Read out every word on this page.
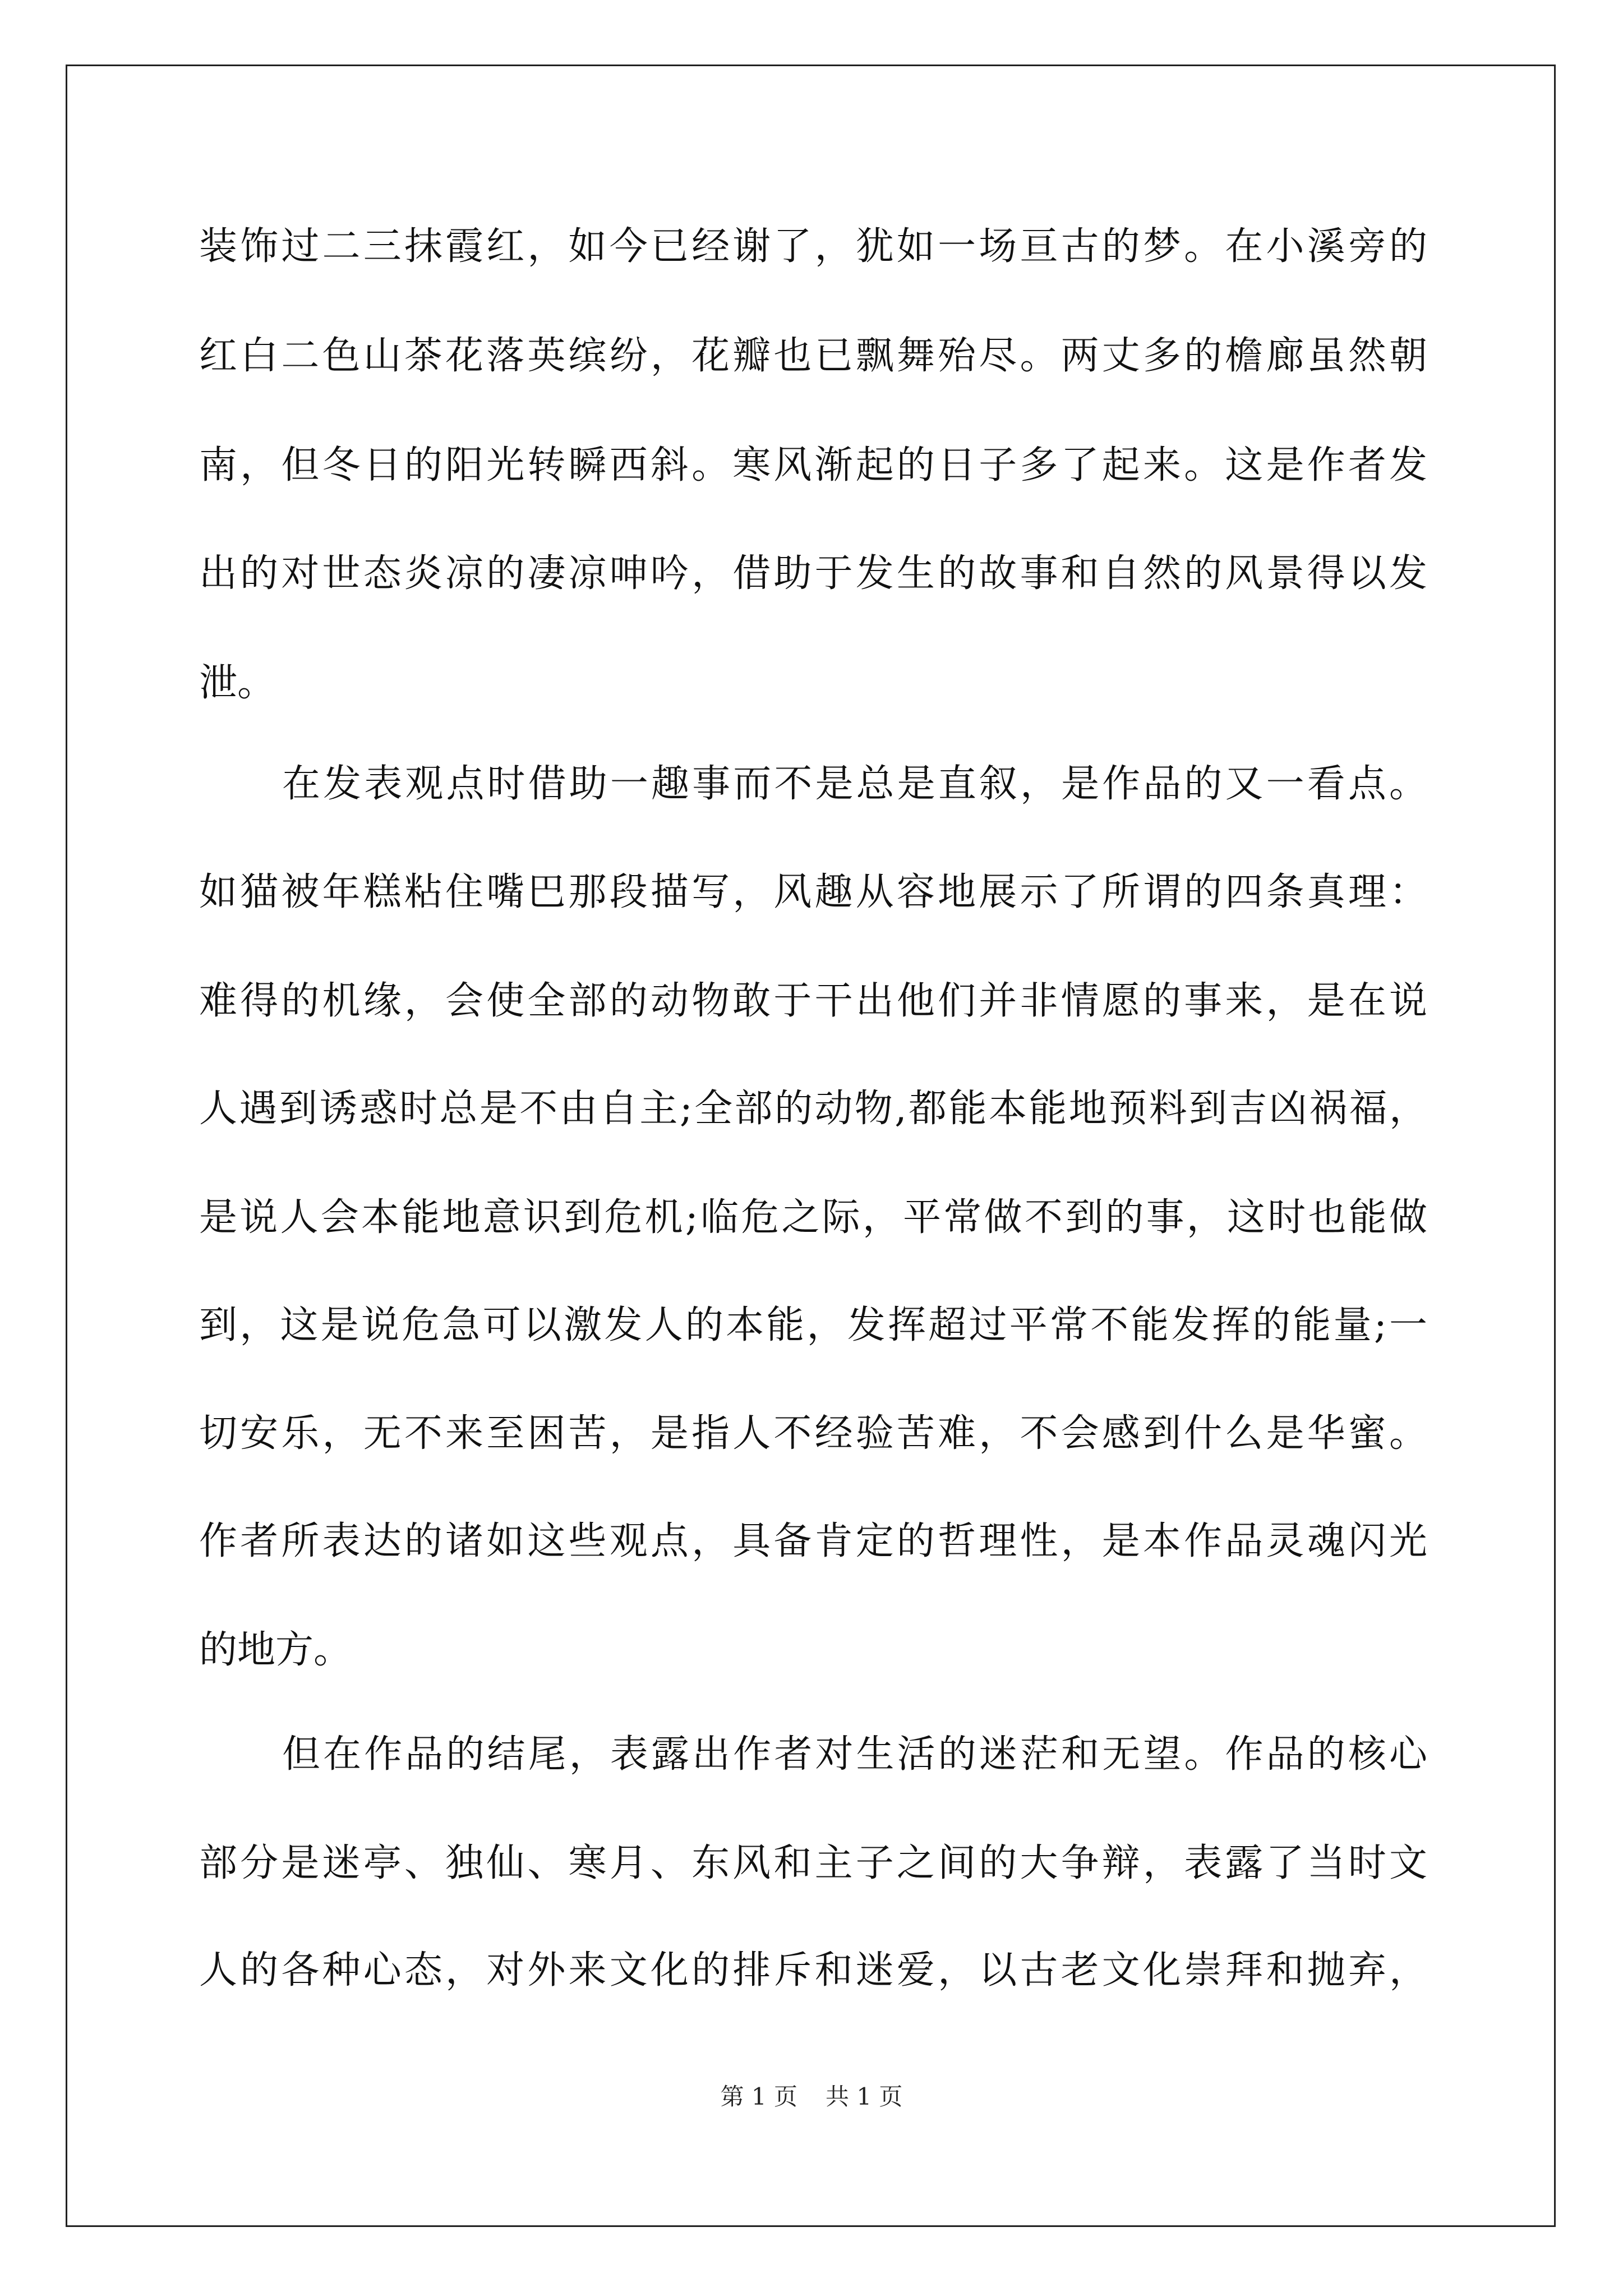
装饰过二三抹霞红，如今已经谢了，犹如一场亘古的梦。在小溪旁的
红白二色山茶花落英缤纷，花瓣也已飘舞殆尽。两丈多的檐廊虽然朝
南，但冬日的阳光转瞬西斜。寒风渐起的日子多了起来。这是作者发
出的对世态炎凉的凄凉呻吟，借助于发生的故事和自然的风景得以发
泄。
在发表观点时借助一趣事而不是总是直叙，是作品的又一看点。
如猫被年糕粘住嘴巴那段描写，风趣从容地展示了所谓的四条真理：
难得的机缘，会使全部的动物敢于干出他们并非情愿的事来，是在说
人遇到诱惑时总是不由自主;全部的动物,都能本能地预料到吉凶祸福，
是说人会本能地意识到危机;临危之际，平常做不到的事，这时也能做
到，这是说危急可以激发人的本能，发挥超过平常不能发挥的能量;一
切安乐，无不来至困苦，是指人不经验苦难，不会感到什么是华蜜。
作者所表达的诸如这些观点，具备肯定的哲理性，是本作品灵魂闪光
的地方。
但在作品的结尾，表露出作者对生活的迷茫和无望。作品的核心
部分是迷亭、独仙、寒月、东风和主子之间的大争辩，表露了当时文
人的各种心态，对外来文化的排斥和迷爱，以古老文化崇拜和抛弃，
第 1 页 共 1 页
